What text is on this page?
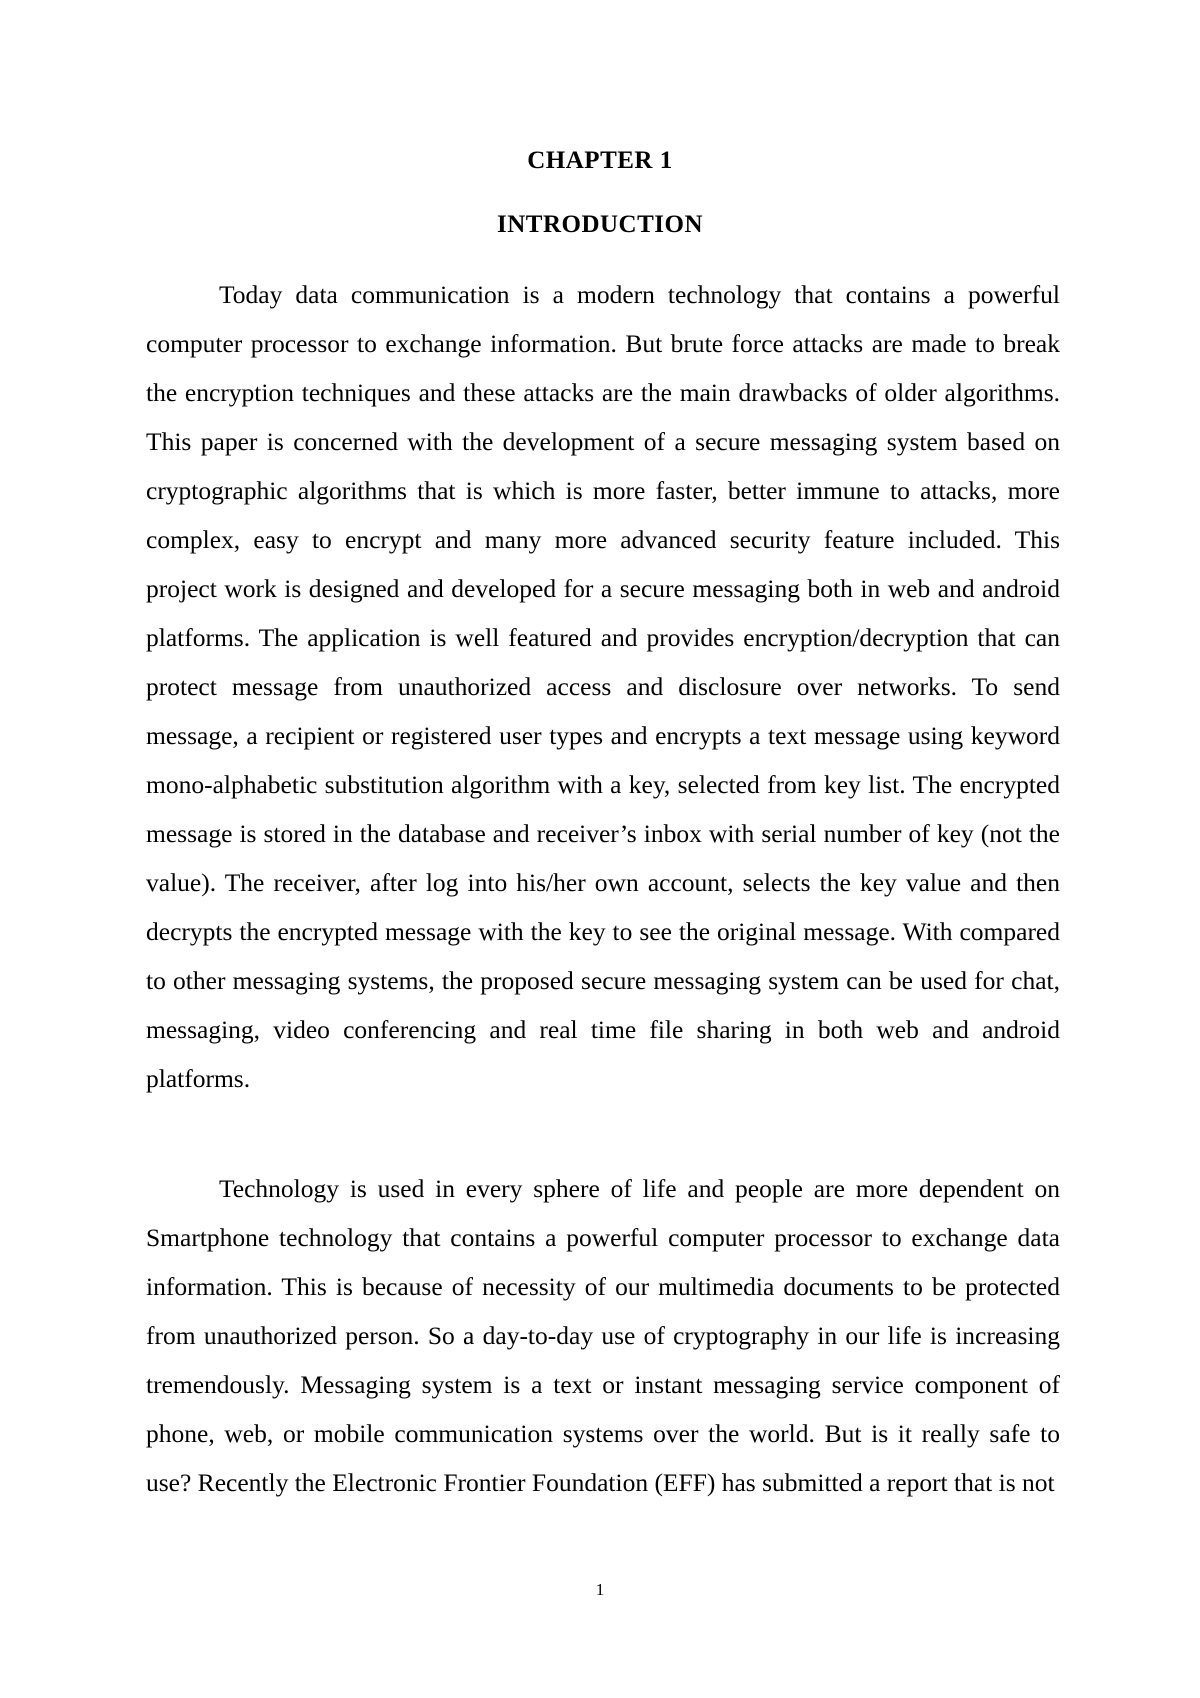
CHAPTER 1
INTRODUCTION

Today data communication is a modern technology that contains a powerful computer processor to exchange information. But brute force attacks are made to break the encryption techniques and these attacks are the main drawbacks of older algorithms. This paper is concerned with the development of a secure messaging system based on cryptographic algorithms that is which is more faster, better immune to attacks, more complex, easy to encrypt and many more advanced security feature included. This project work is designed and developed for a secure messaging both in web and android platforms. The application is well featured and provides encryption/decryption that can protect message from unauthorized access and disclosure over networks. To send message, a recipient or registered user types and encrypts a text message using keyword mono-alphabetic substitution algorithm with a key, selected from key list. The encrypted message is stored in the database and receiver’s inbox with serial number of key (not the value). The receiver, after log into his/her own account, selects the key value and then decrypts the encrypted message with the key to see the original message. With compared to other messaging systems, the proposed secure messaging system can be used for chat, messaging, video conferencing and real time file sharing in both web and android platforms.

Technology is used in every sphere of life and people are more dependent on Smartphone technology that contains a powerful computer processor to exchange data information. This is because of necessity of our multimedia documents to be protected from unauthorized person. So a day-to-day use of cryptography in our life is increasing tremendously. Messaging system is a text or instant messaging service component of phone, web, or mobile communication systems over the world. But is it really safe to use? Recently the Electronic Frontier Foundation (EFF) has submitted a report that is not

1
